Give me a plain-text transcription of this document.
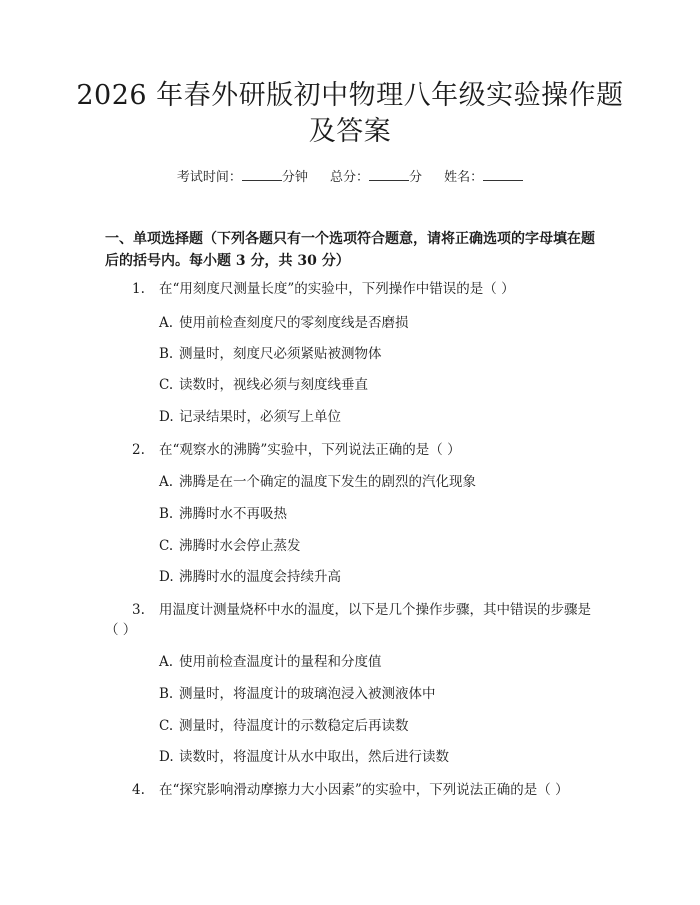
2026 年春外研版初中物理八年级实验操作题
及答案
考试时间：	分钟 总分：	分 姓名：
一、单项选择题（下列各题只有一个选项符合题意，请将正确选项的字母填在题后的括号内。每小题 3 分，共 30 分）
1. 在“用刻度尺测量长度”的实验中，下列操作中错误的是（ ）
A. 使用前检查刻度尺的零刻度线是否磨损
B. 测量时，刻度尺必须紧贴被测物体
C. 读数时，视线必须与刻度线垂直
D. 记录结果时，必须写上单位
2. 在“观察水的沸腾”实验中，下列说法正确的是（ ）
A. 沸腾是在一个确定的温度下发生的剧烈的汽化现象
B. 沸腾时水不再吸热
C. 沸腾时水会停止蒸发
D. 沸腾时水的温度会持续升高
3. 用温度计测量烧杯中水的温度，以下是几个操作步骤，其中错误的步骤是
（ ）
A. 使用前检查温度计的量程和分度值
B. 测量时，将温度计的玻璃泡浸入被测液体中
C. 测量时，待温度计的示数稳定后再读数
D. 读数时，将温度计从水中取出，然后进行读数
4. 在“探究影响滑动摩擦力大小因素”的实验中，下列说法正确的是（ ）
